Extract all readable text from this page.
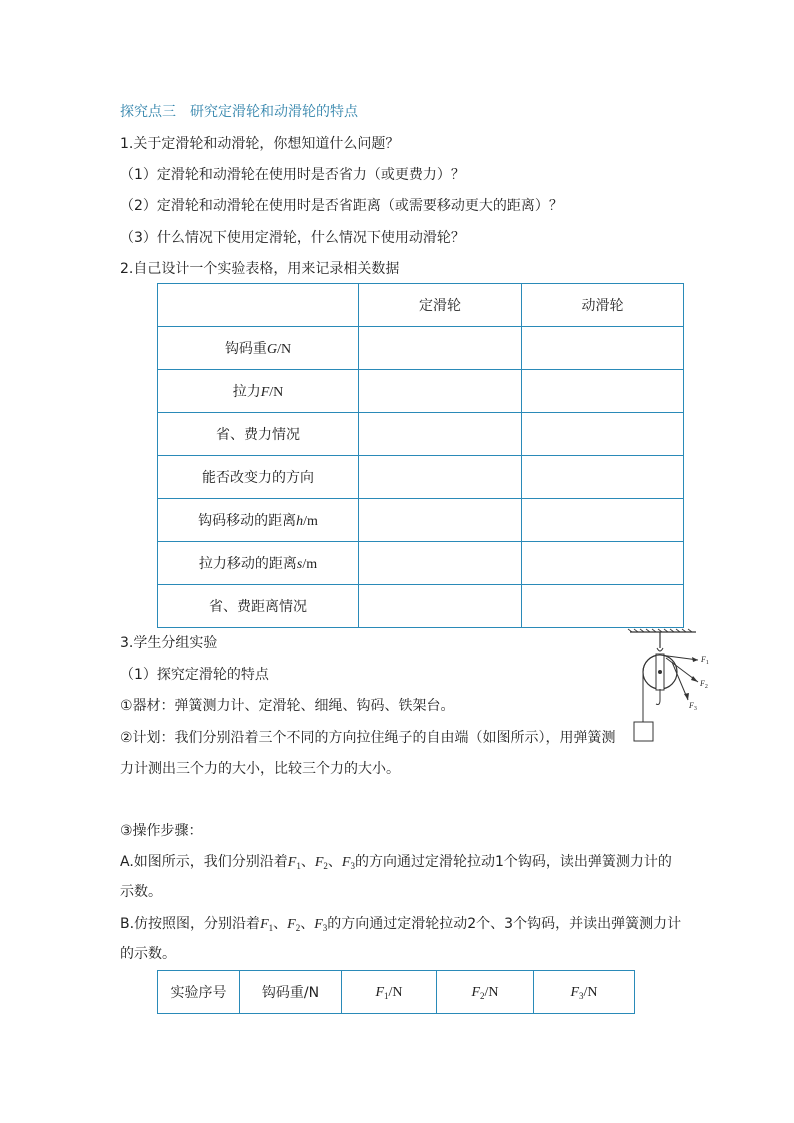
探究点三　研究定滑轮和动滑轮的特点
1.关于定滑轮和动滑轮，你想知道什么问题？
（1）定滑轮和动滑轮在使用时是否省力（或更费力）？
（2）定滑轮和动滑轮在使用时是否省距离（或需要移动更大的距离）？
（3）什么情况下使用定滑轮，什么情况下使用动滑轮？
2.自己设计一个实验表格，用来记录相关数据
	定滑轮	动滑轮
钩码重G/N		
拉力F/N		
省、费力情况		
能否改变力的方向		
钩码移动的距离h/m		
拉力移动的距离s/m		
省、费距离情况		
3.学生分组实验
（1）探究定滑轮的特点
①器材：弹簧测力计、定滑轮、细绳、钩码、铁架台。
②计划：我们分别沿着三个不同的方向拉住绳子的自由端（如图所示），用弹簧测
力计测出三个力的大小，比较三个力的大小。
③操作步骤：
A.如图所示，我们分别沿着$F_1$、$F_2$、$F_3$的方向通过定滑轮拉动1个钩码，读出弹簧测力计的
示数。
B.仿按照图，分别沿着$F_1$、$F_2$、$F_3$的方向通过定滑轮拉动2个、3个钩码，并读出弹簧测力计
的示数。
$F_1$
$F_2$
$F_3$
实验序号	钩码重/N	$F_1/N$	$F_2/N$	$F_3/N$
